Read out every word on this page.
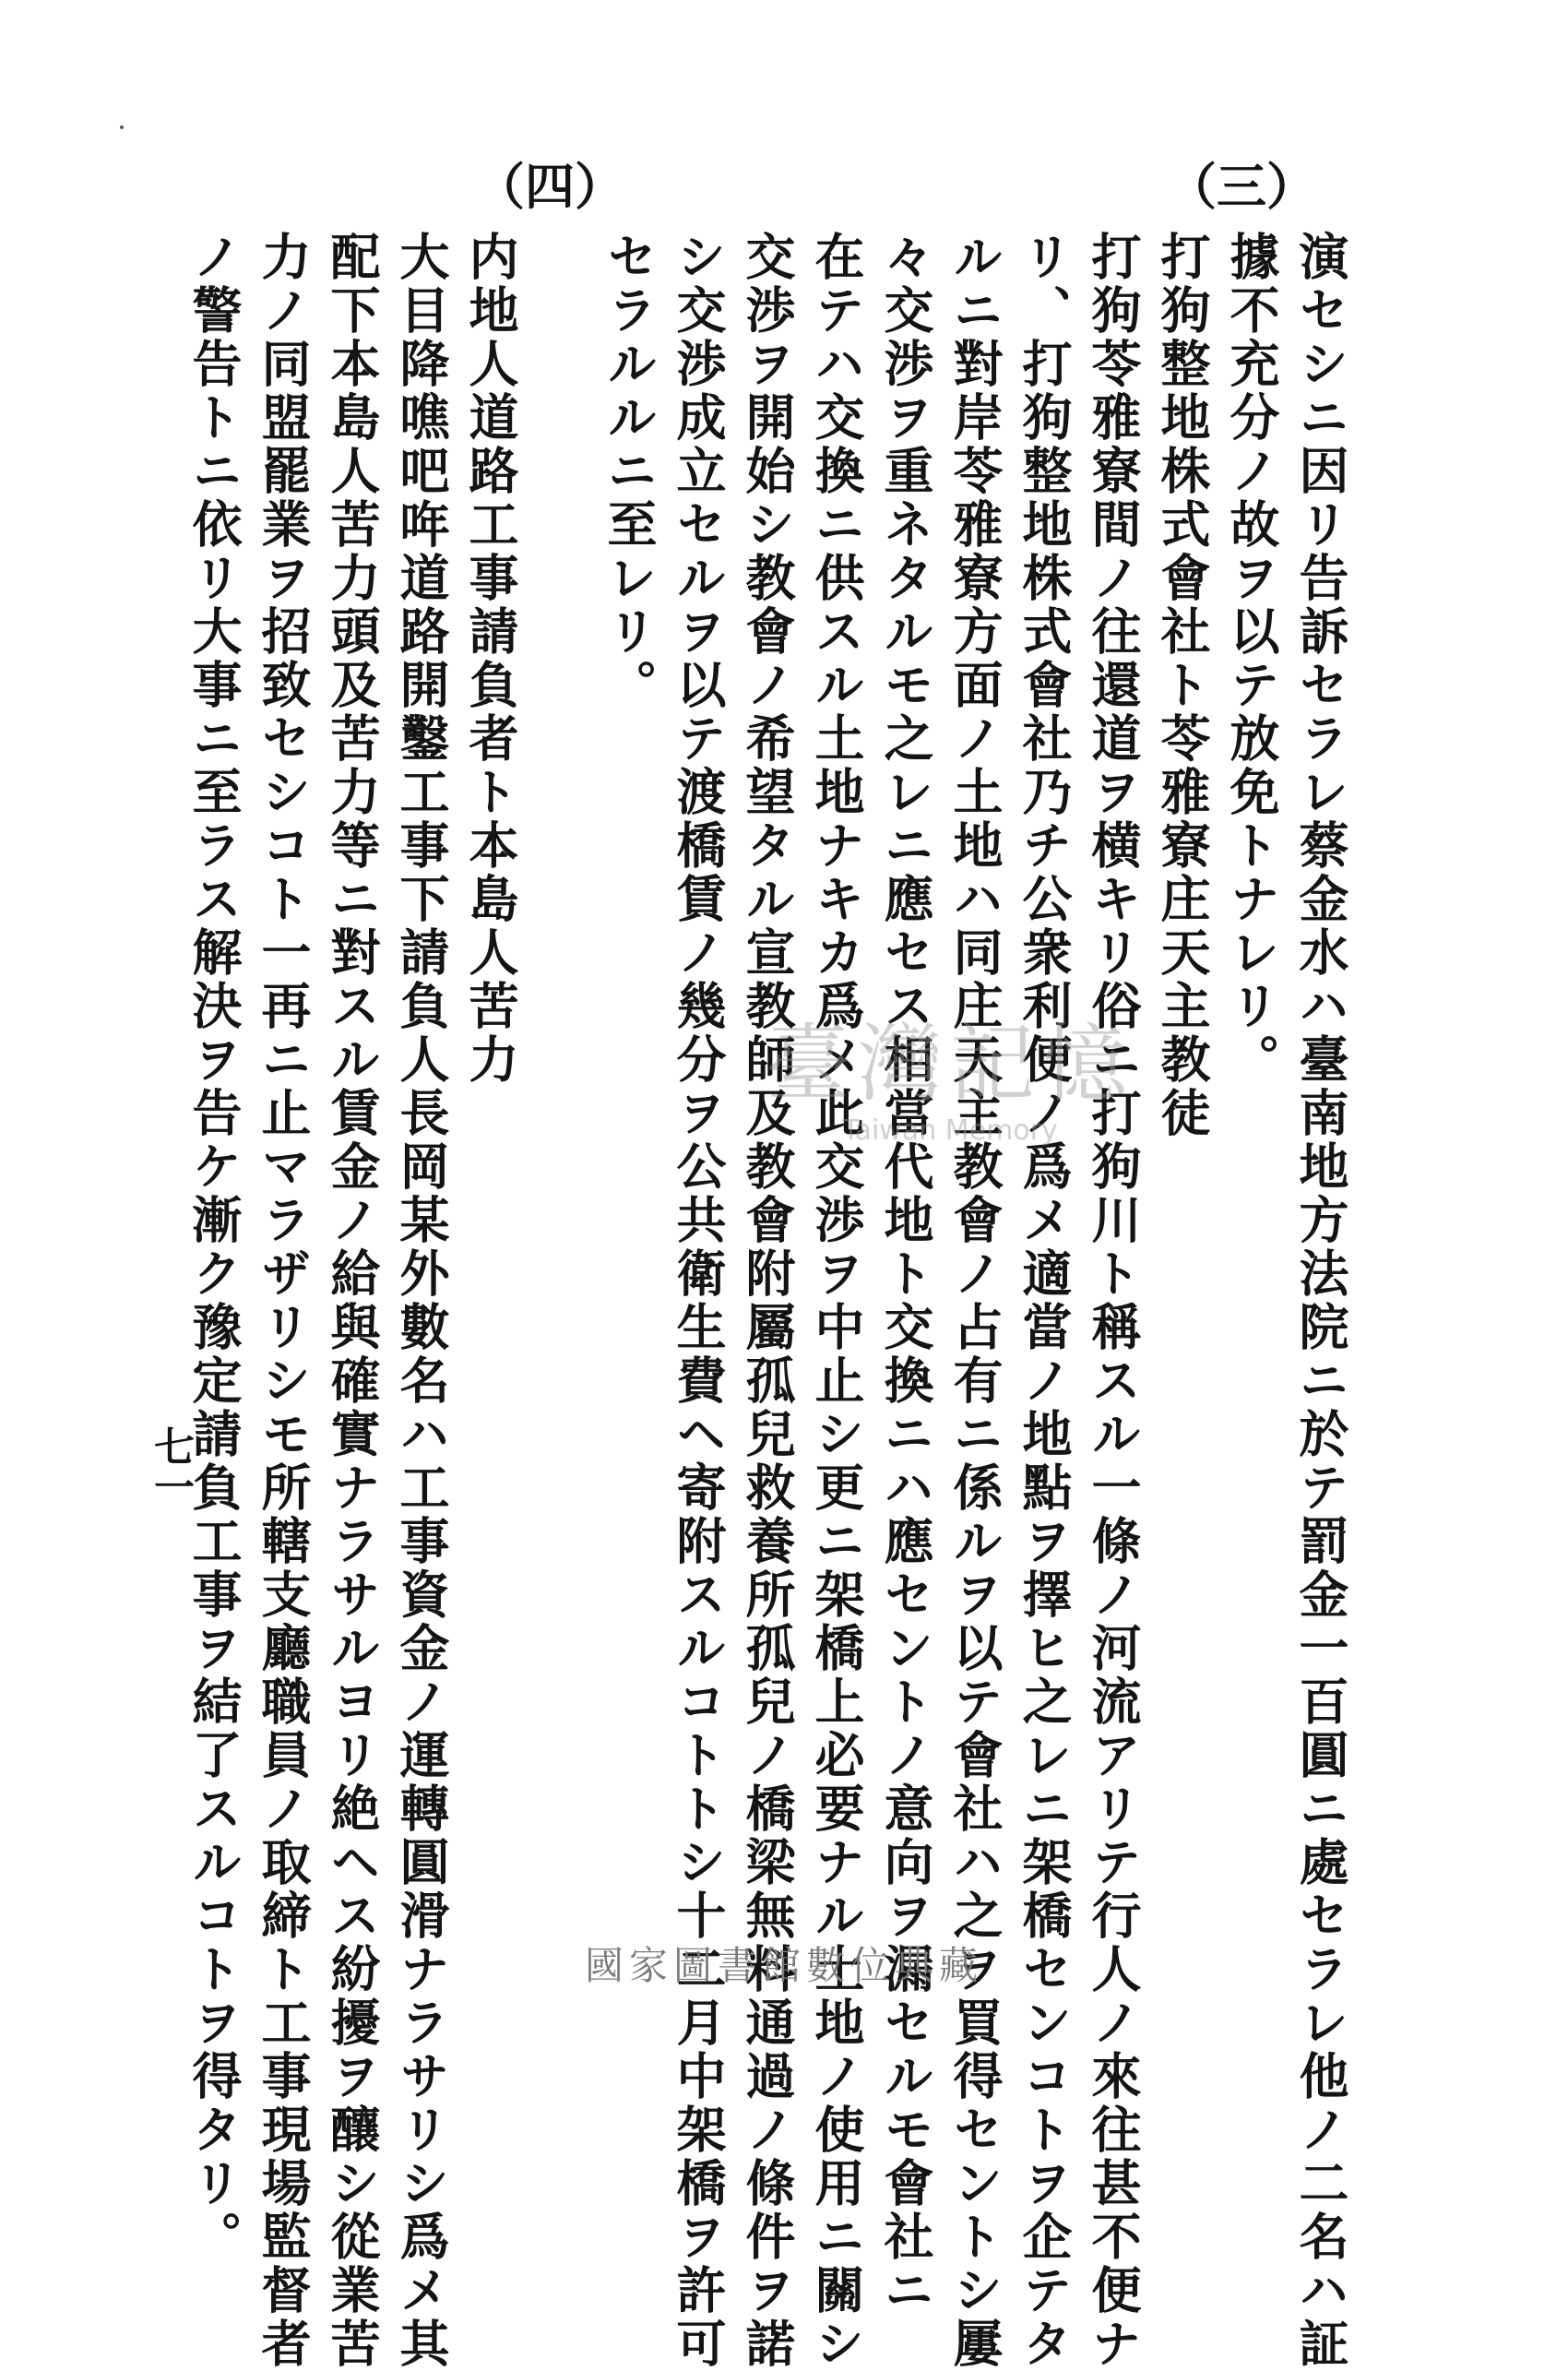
（三）
（四）
演セシニ因リ告訴セラレ蔡金水ハ臺南地方法院ニ於テ罰金一百圓ニ處セラレ他ノ二名ハ証
據不充分ノ故ヲ以テ放免トナレリ。
打狗整地株式會社ト苓雅寮庄天主教徒
打狗苓雅寮間ノ往還道ヲ横キリ俗ニ打狗川ト稱スル一條ノ河流アリテ行人ノ來往甚不便ナ
リ、打狗整地株式會社乃チ公衆利便ノ爲メ適當ノ地點ヲ擇ヒ之レニ架橋センコトヲ企テタ
ルニ對岸苓雅寮方面ノ土地ハ同庄天主教會ノ占有ニ係ルヲ以テ會社ハ之ヲ買得セントシ屢
々交渉ヲ重ネタルモ之レニ應セス相當代地ト交換ニハ應セントノ意向ヲ漏セルモ會社ニ
在テハ交換ニ供スル土地ナキカ爲メ此交渉ヲ中止シ更ニ架橋上必要ナル土地ノ使用ニ關シ
交渉ヲ開始シ教會ノ希望タル宣教師及教會附屬孤兒救養所孤兒ノ橋梁無料通過ノ條件ヲ諾
シ交渉成立セルヲ以テ渡橋賃ノ幾分ヲ公共衛生費ヘ寄附スルコトトシ十二月中架橋ヲ許可
セラルルニ至レリ。
内地人道路工事請負者ト本島人苦力
大目降噍吧哖道路開鑿工事下請負人長岡某外數名ハ工事資金ノ運轉圓滑ナラサリシ爲メ其
配下本島人苦力頭及苦力等ニ對スル賃金ノ給與確實ナラサルヨリ絶ヘス紛擾ヲ釀シ從業苦
力ノ同盟罷業ヲ招致セシコト一再ニ止マラザリシモ所轄支廳職員ノ取締ト工事現場監督者
ノ警告トニ依リ大事ニ至ラス解決ヲ告ケ漸ク豫定請負工事ヲ結了スルコトヲ得タリ。
七一
臺灣記憶
Taiwan Memory
國家圖書館數位典藏
